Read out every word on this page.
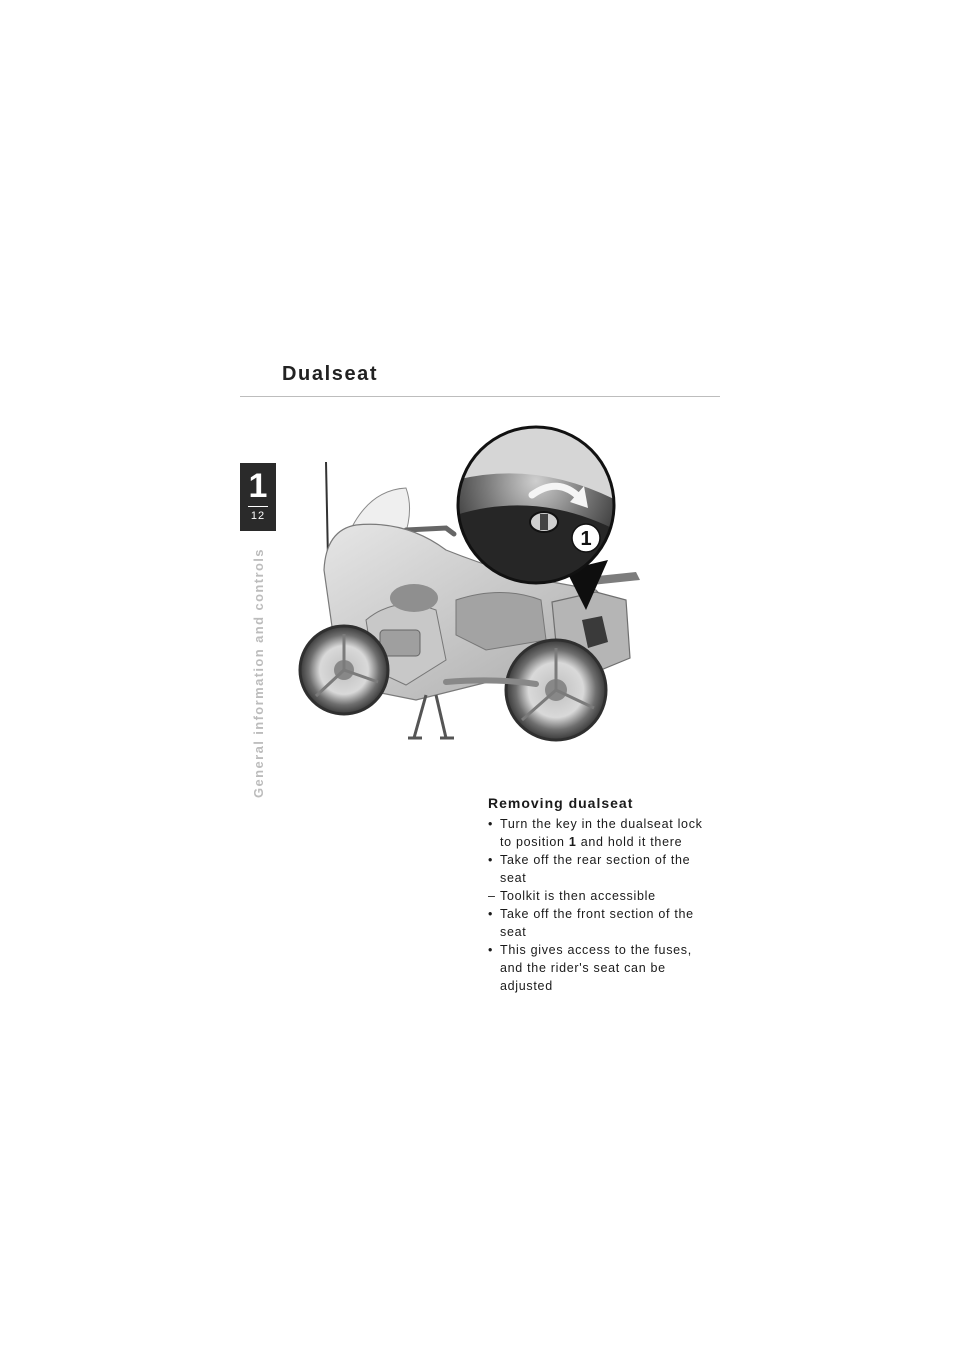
Dualseat
1
12
General information and controls
1
Removing dualseat
• Turn the key in the dualseat lock to position 1 and hold it there
• Take off the rear section of the seat
– Toolkit is then accessible
• Take off the front section of the seat
• This gives access to the fuses, and the rider's seat can be adjusted
